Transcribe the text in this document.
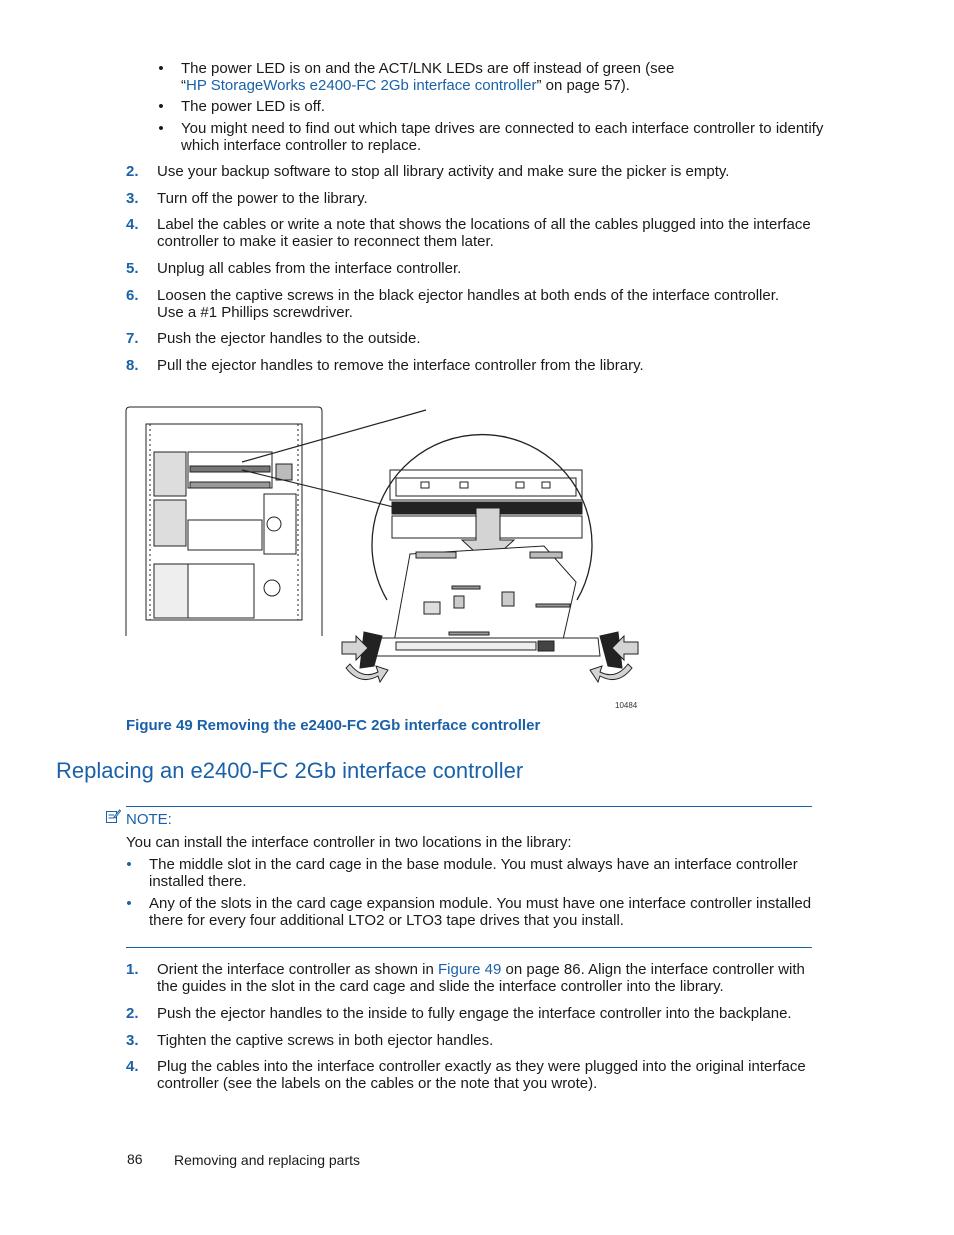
• The power LED is on and the ACT/LNK LEDs are off instead of green (see
“HP StorageWorks e2400-FC 2Gb interface controller” on page 57).
• The power LED is off.
• You might need to find out which tape drives are connected to each interface controller to identify
which interface controller to replace.
2. Use your backup software to stop all library activity and make sure the picker is empty.
3. Turn off the power to the library.
4. Label the cables or write a note that shows the locations of all the cables plugged into the interface
controller to make it easier to reconnect them later.
5. Unplug all cables from the interface controller.
6. Loosen the captive screws in the black ejector handles at both ends of the interface controller.
Use a #1 Phillips screwdriver.
7. Push the ejector handles to the outside.
8. Pull the ejector handles to remove the interface controller from the library.
10484
Figure 49 Removing the e2400-FC 2Gb interface controller
Replacing an e2400-FC 2Gb interface controller
NOTE:
You can install the interface controller in two locations in the library:
• The middle slot in the card cage in the base module. You must always have an interface controller
installed there.
• Any of the slots in the card cage expansion module. You must have one interface controller installed
there for every four additional LTO2 or LTO3 tape drives that you install.
1. Orient the interface controller as shown in Figure 49 on page 86. Align the interface controller with
the guides in the slot in the card cage and slide the interface controller into the library.
2. Push the ejector handles to the inside to fully engage the interface controller into the backplane.
3. Tighten the captive screws in both ejector handles.
4. Plug the cables into the interface controller exactly as they were plugged into the original interface
controller (see the labels on the cables or the note that you wrote).
86 Removing and replacing parts
